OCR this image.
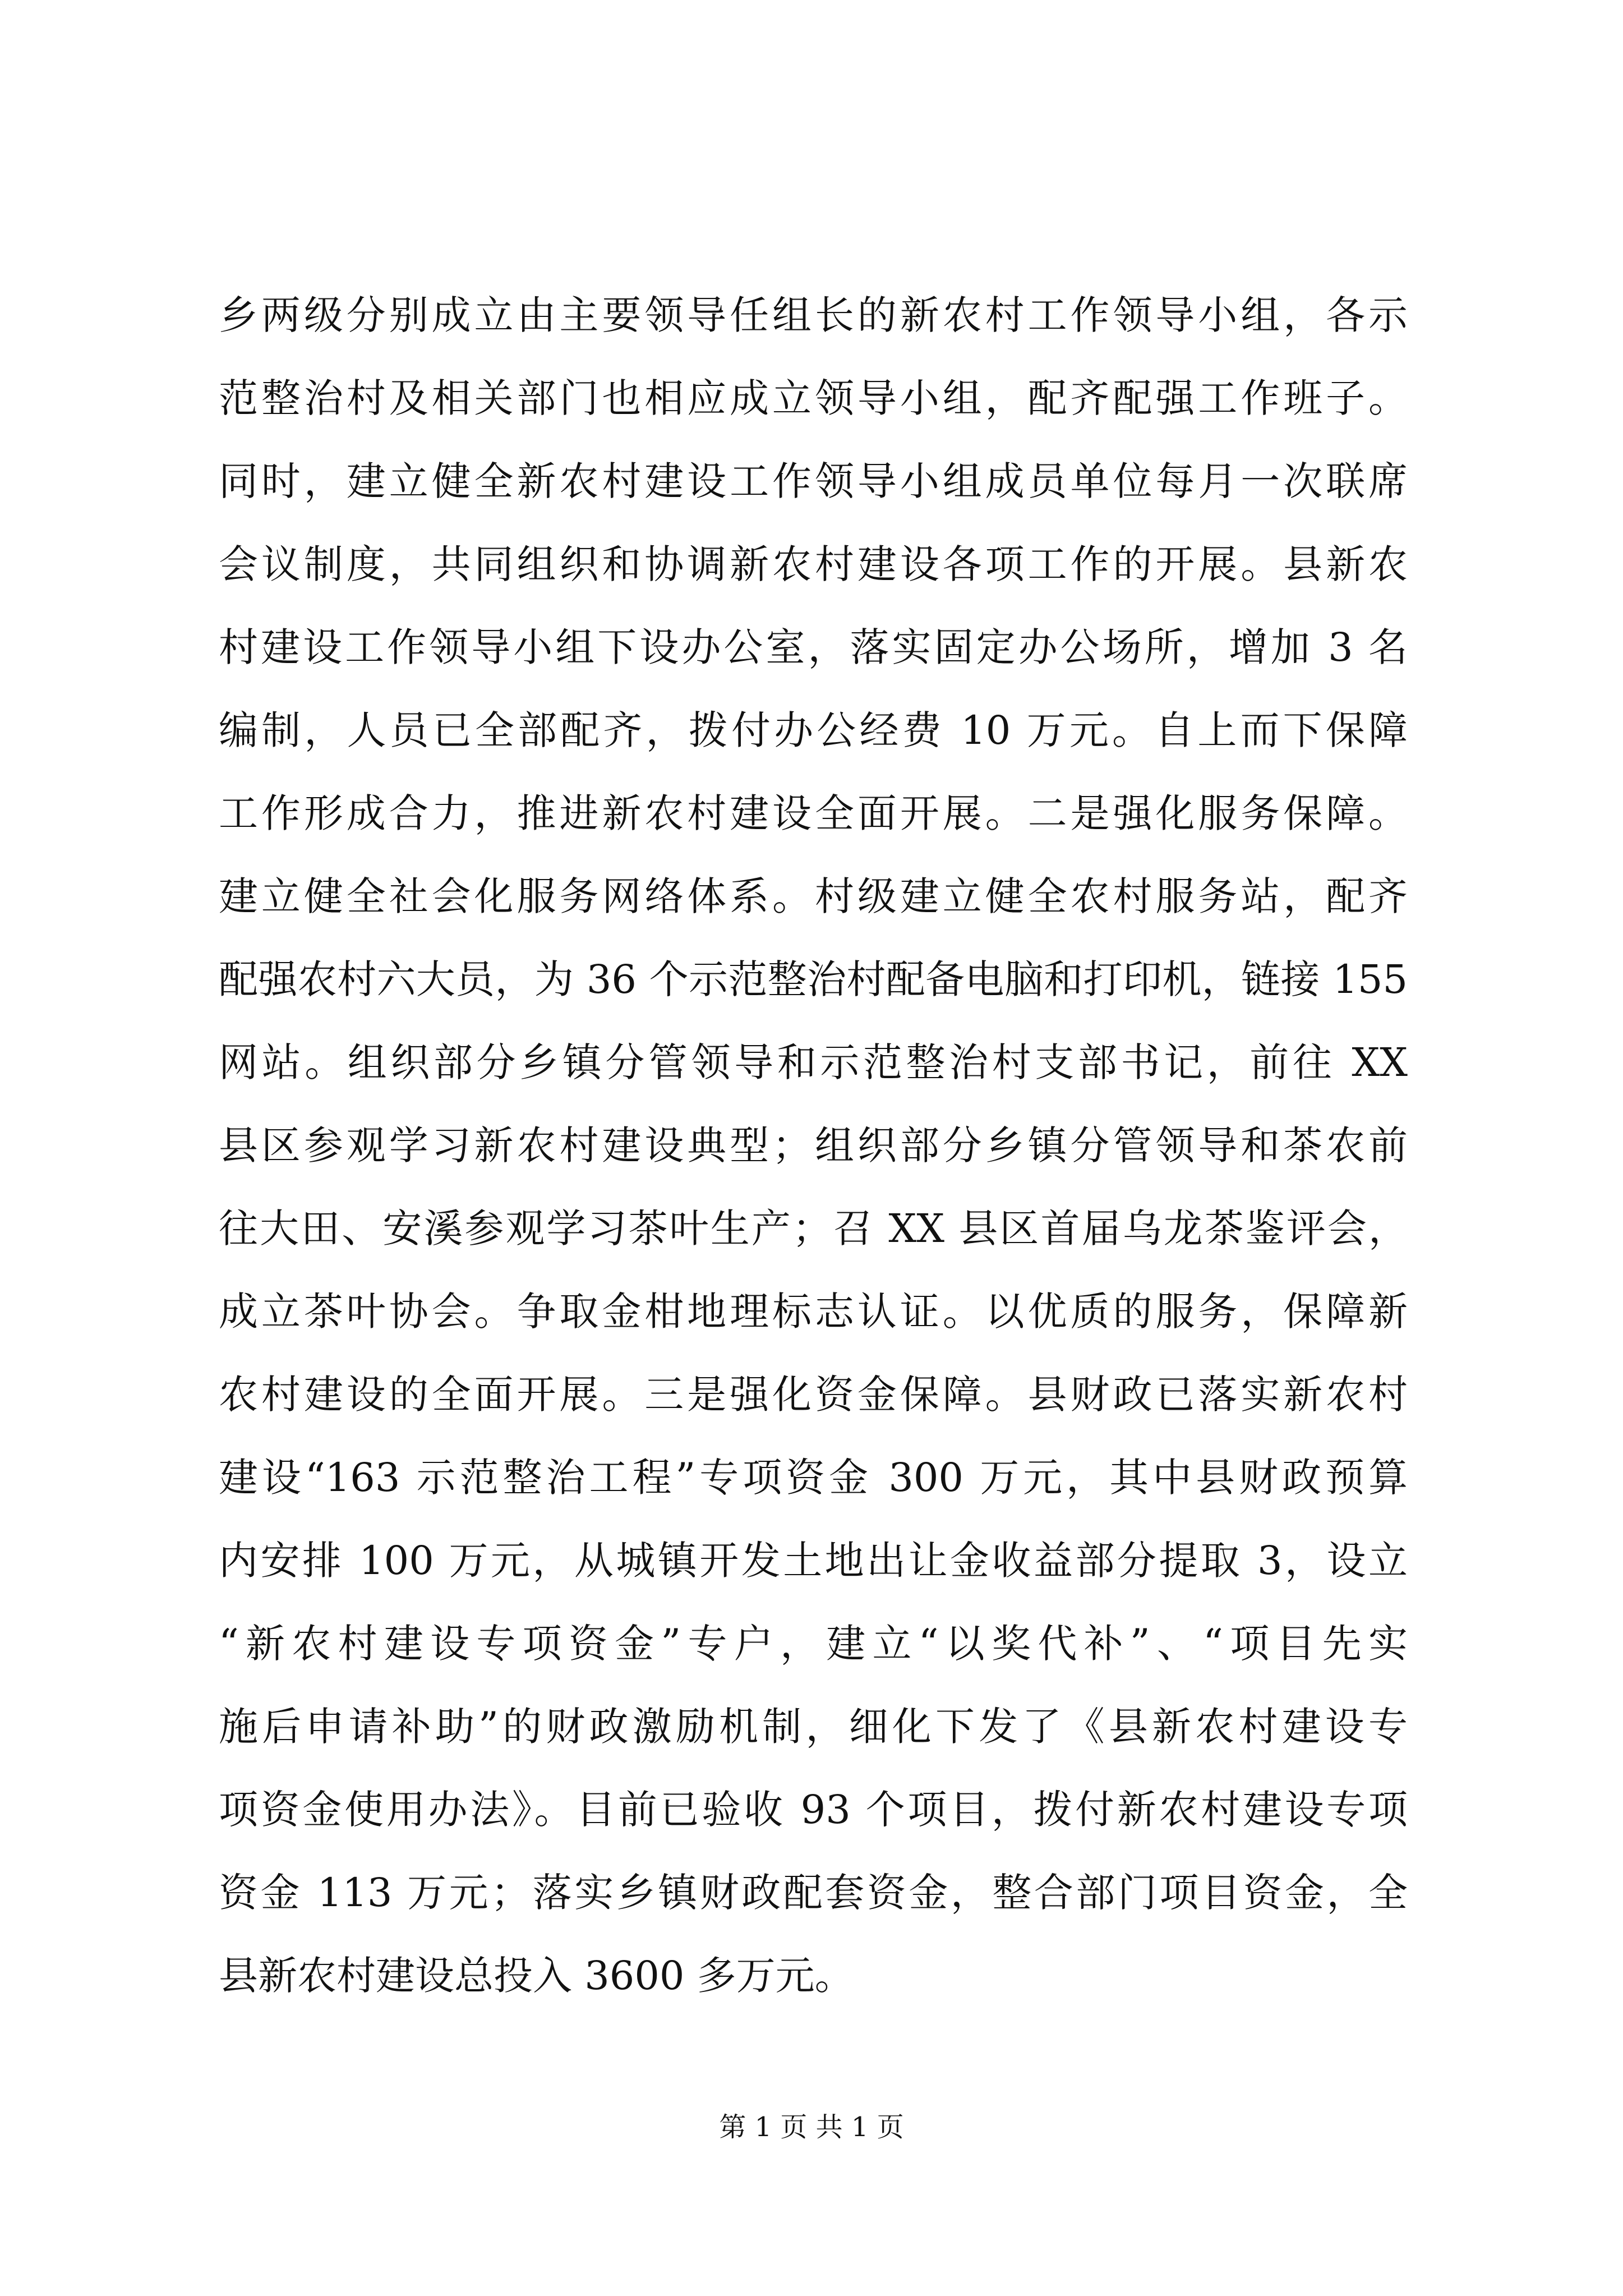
乡两级分别成立由主要领导任组长的新农村工作领导小组，各示
范整治村及相关部门也相应成立领导小组，配齐配强工作班子。
同时，建立健全新农村建设工作领导小组成员单位每月一次联席
会议制度，共同组织和协调新农村建设各项工作的开展。县新农
村建设工作领导小组下设办公室，落实固定办公场所，增加 3 名
编制，人员已全部配齐，拨付办公经费 10 万元。自上而下保障
工作形成合力，推进新农村建设全面开展。二是强化服务保障。
建立健全社会化服务网络体系。村级建立健全农村服务站，配齐
配强农村六大员，为 36 个示范整治村配备电脑和打印机，链接 155
网站。组织部分乡镇分管领导和示范整治村支部书记，前往 XX
县区参观学习新农村建设典型；组织部分乡镇分管领导和茶农前
往大田、安溪参观学习茶叶生产；召 XX 县区首届乌龙茶鉴评会，
成立茶叶协会。争取金柑地理标志认证。以优质的服务，保障新
农村建设的全面开展。三是强化资金保障。县财政已落实新农村
建设“163 示范整治工程”专项资金 300 万元，其中县财政预算
内安排 100 万元，从城镇开发土地出让金收益部分提取 3，设立
“新农村建设专项资金”专户，建立“以奖代补”、“项目先实
施后申请补助”的财政激励机制，细化下发了《县新农村建设专
项资金使用办法》。目前已验收 93 个项目，拨付新农村建设专项
资金 113 万元；落实乡镇财政配套资金，整合部门项目资金，全
县新农村建设总投入 3600 多万元。
第 1 页 共 1 页
